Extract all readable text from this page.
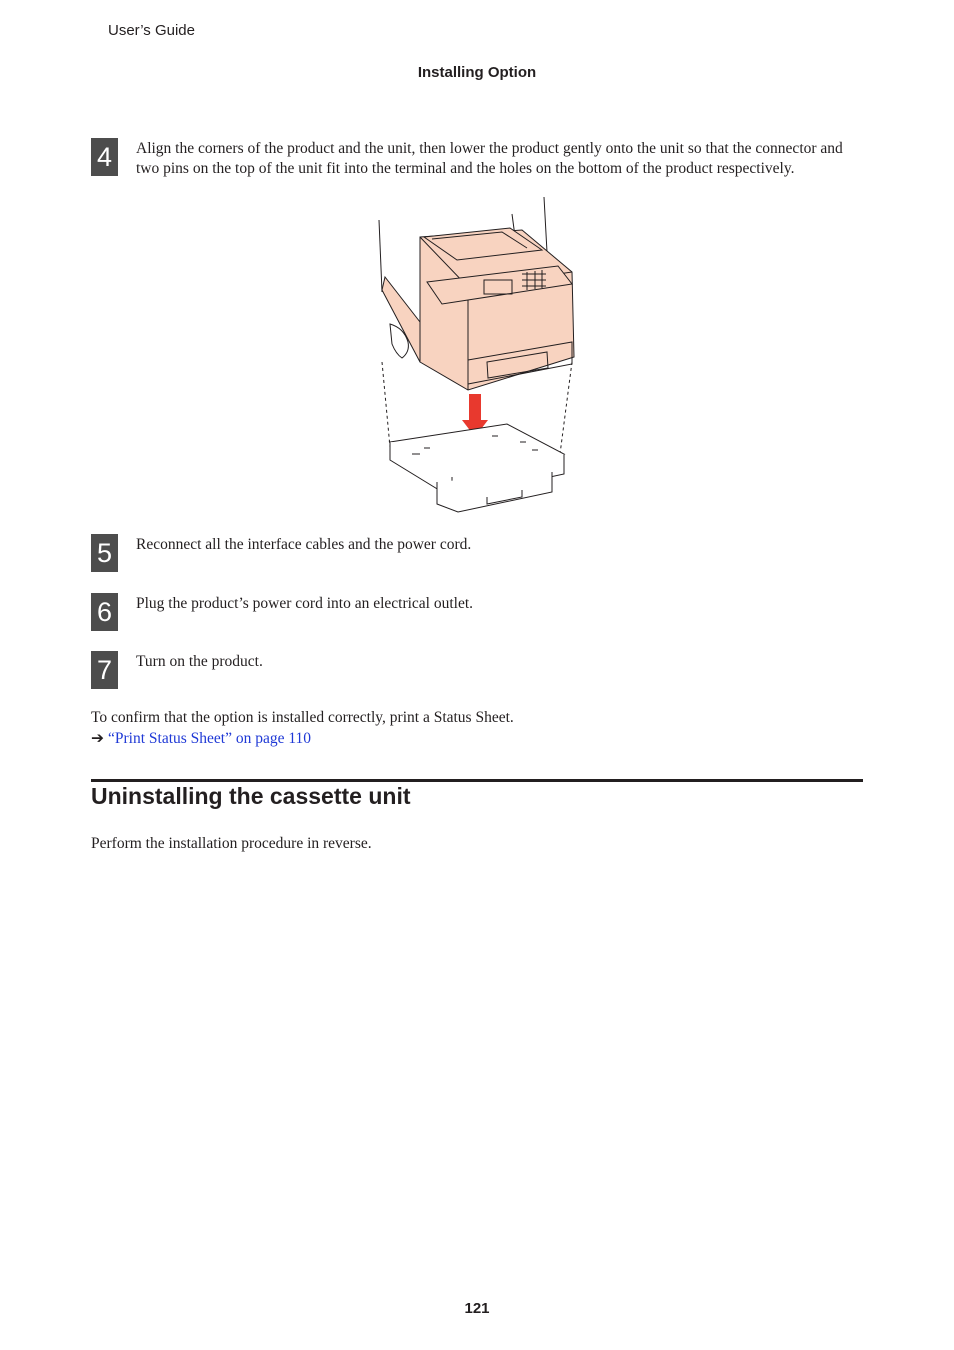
User’s Guide
Installing Option
4	Align the corners of the product and the unit, then lower the product gently onto the unit so that the connector and two pins on the top of the unit fit into the terminal and the holes on the bottom of the product respectively.
5	Reconnect all the interface cables and the power cord.
6	Plug the product’s power cord into an electrical outlet.
7	Turn on the product.
To confirm that the option is installed correctly, print a Status Sheet.
➔ “Print Status Sheet” on page 110
Uninstalling the cassette unit
Perform the installation procedure in reverse.
121
